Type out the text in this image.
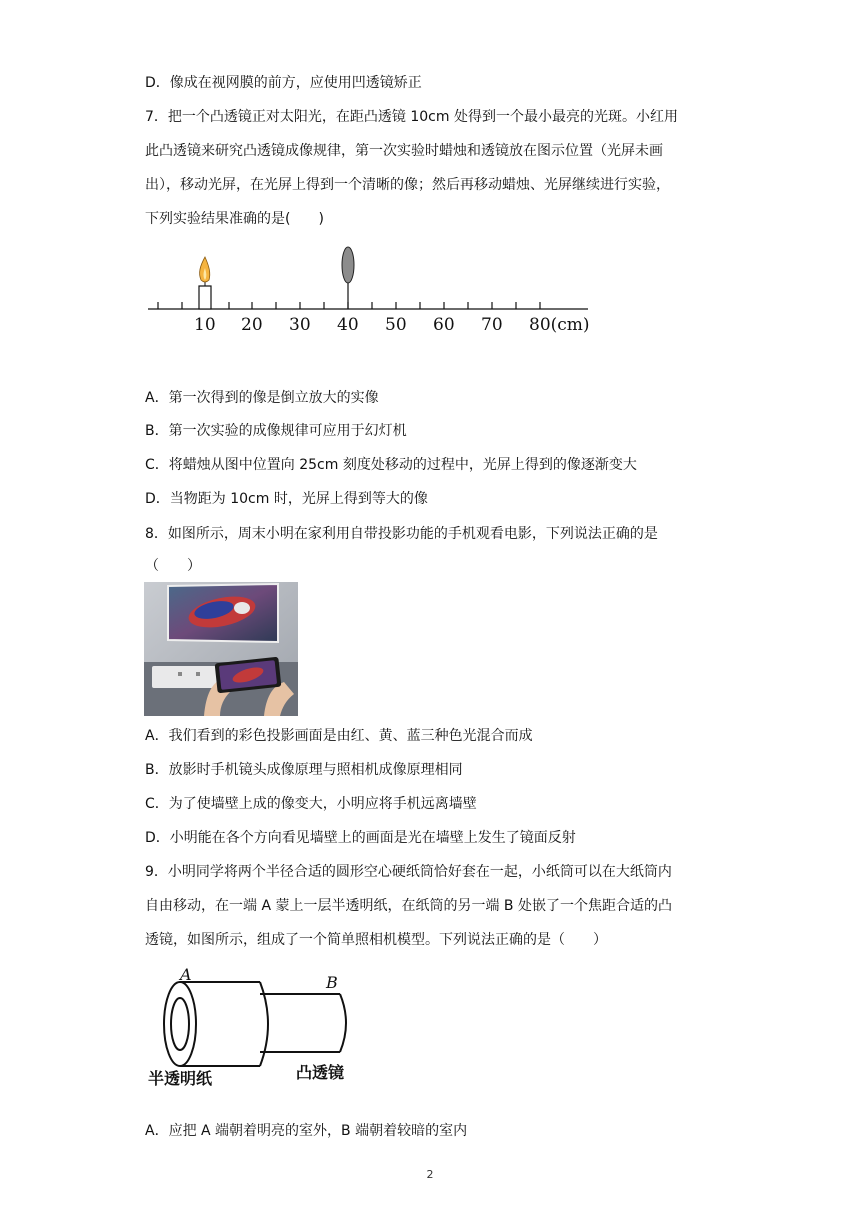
D．像成在视网膜的前方，应使用凹透镜矫正
7．把一个凸透镜正对太阳光，在距凸透镜 10cm 处得到一个最小最亮的光斑。小红用
此凸透镜来研究凸透镜成像规律，第一次实验时蜡烛和透镜放在图示位置（光屏未画
出），移动光屏，在光屏上得到一个清晰的像；然后再移动蜡烛、光屏继续进行实验，
下列实验结果准确的是(　　)
10 20 30 40 50 60 70 80(cm)
A．第一次得到的像是倒立放大的实像
B．第一次实验的成像规律可应用于幻灯机
C．将蜡烛从图中位置向 25cm 刻度处移动的过程中，光屏上得到的像逐渐变大
D．当物距为 10cm 时，光屏上得到等大的像
8．如图所示，周末小明在家利用自带投影功能的手机观看电影，下列说法正确的是
（　　）
A．我们看到的彩色投影画面是由红、黄、蓝三种色光混合而成
B．放影时手机镜头成像原理与照相机成像原理相同
C．为了使墙壁上成的像变大，小明应将手机远离墙壁
D．小明能在各个方向看见墙壁上的画面是光在墙壁上发生了镜面反射
9．小明同学将两个半径合适的圆形空心硬纸筒恰好套在一起，小纸筒可以在大纸筒内
自由移动，在一端 A 蒙上一层半透明纸，在纸筒的另一端 B 处嵌了一个焦距合适的凸
透镜，如图所示，组成了一个简单照相机模型。下列说法正确的是（　　）
A	B
半透明纸	凸透镜
A．应把 A 端朝着明亮的室外，B 端朝着较暗的室内
2
